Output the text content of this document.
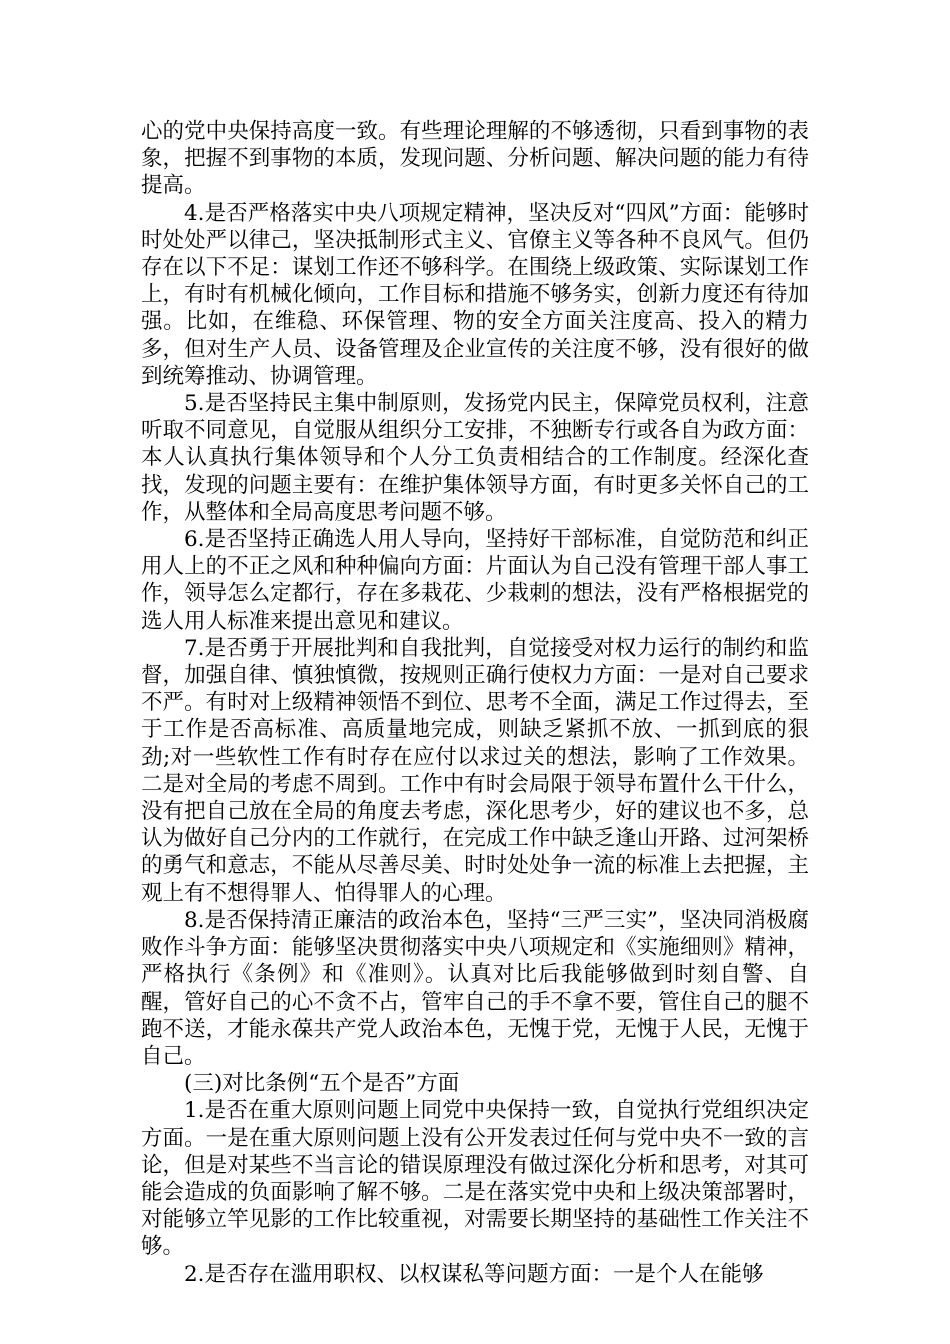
心的党中央保持高度一致。有些理论理解的不够透彻，只看到事物的表象，把握不到事物的本质，发现问题、分析问题、解决问题的能力有待提高。

4.是否严格落实中央八项规定精神，坚决反对“四风”方面：能够时时处处严以律己，坚决抵制形式主义、官僚主义等各种不良风气。但仍存在以下不足：谋划工作还不够科学。在围绕上级政策、实际谋划工作上，有时有机械化倾向，工作目标和措施不够务实，创新力度还有待加强。比如，在维稳、环保管理、物的安全方面关注度高、投入的精力多，但对生产人员、设备管理及企业宣传的关注度不够，没有很好的做到统筹推动、协调管理。

5.是否坚持民主集中制原则，发扬党内民主，保障党员权利，注意听取不同意见，自觉服从组织分工安排，不独断专行或各自为政方面：本人认真执行集体领导和个人分工负责相结合的工作制度。经深化查找，发现的问题主要有：在维护集体领导方面，有时更多关怀自己的工作，从整体和全局高度思考问题不够。

6.是否坚持正确选人用人导向，坚持好干部标准，自觉防范和纠正用人上的不正之风和种种偏向方面：片面认为自己没有管理干部人事工作，领导怎么定都行，存在多栽花、少栽刺的想法，没有严格根据党的选人用人标准来提出意见和建议。

7.是否勇于开展批判和自我批判，自觉接受对权力运行的制约和监督，加强自律、慎独慎微，按规则正确行使权力方面：一是对自己要求不严。有时对上级精神领悟不到位、思考不全面，满足工作过得去，至于工作是否高标准、高质量地完成，则缺乏紧抓不放、一抓到底的狠劲;对一些软性工作有时存在应付以求过关的想法，影响了工作效果。二是对全局的考虑不周到。工作中有时会局限于领导布置什么干什么，没有把自己放在全局的角度去考虑，深化思考少，好的建议也不多，总认为做好自己分内的工作就行，在完成工作中缺乏逢山开路、过河架桥的勇气和意志，不能从尽善尽美、时时处处争一流的标准上去把握，主观上有不想得罪人、怕得罪人的心理。

8.是否保持清正廉洁的政治本色，坚持“三严三实”，坚决同消极腐败作斗争方面：能够坚决贯彻落实中央八项规定和《实施细则》精神，严格执行《条例》和《准则》。认真对比后我能够做到时刻自警、自醒，管好自己的心不贪不占，管牢自己的手不拿不要，管住自己的腿不跑不送，才能永葆共产党人政治本色，无愧于党，无愧于人民，无愧于自己。

(三)对比条例“五个是否”方面

1.是否在重大原则问题上同党中央保持一致，自觉执行党组织决定方面。一是在重大原则问题上没有公开发表过任何与党中央不一致的言论，但是对某些不当言论的错误原理没有做过深化分析和思考，对其可能会造成的负面影响了解不够。二是在落实党中央和上级决策部署时，对能够立竿见影的工作比较重视，对需要长期坚持的基础性工作关注不够。

2.是否存在滥用职权、以权谋私等问题方面：一是个人在能够
